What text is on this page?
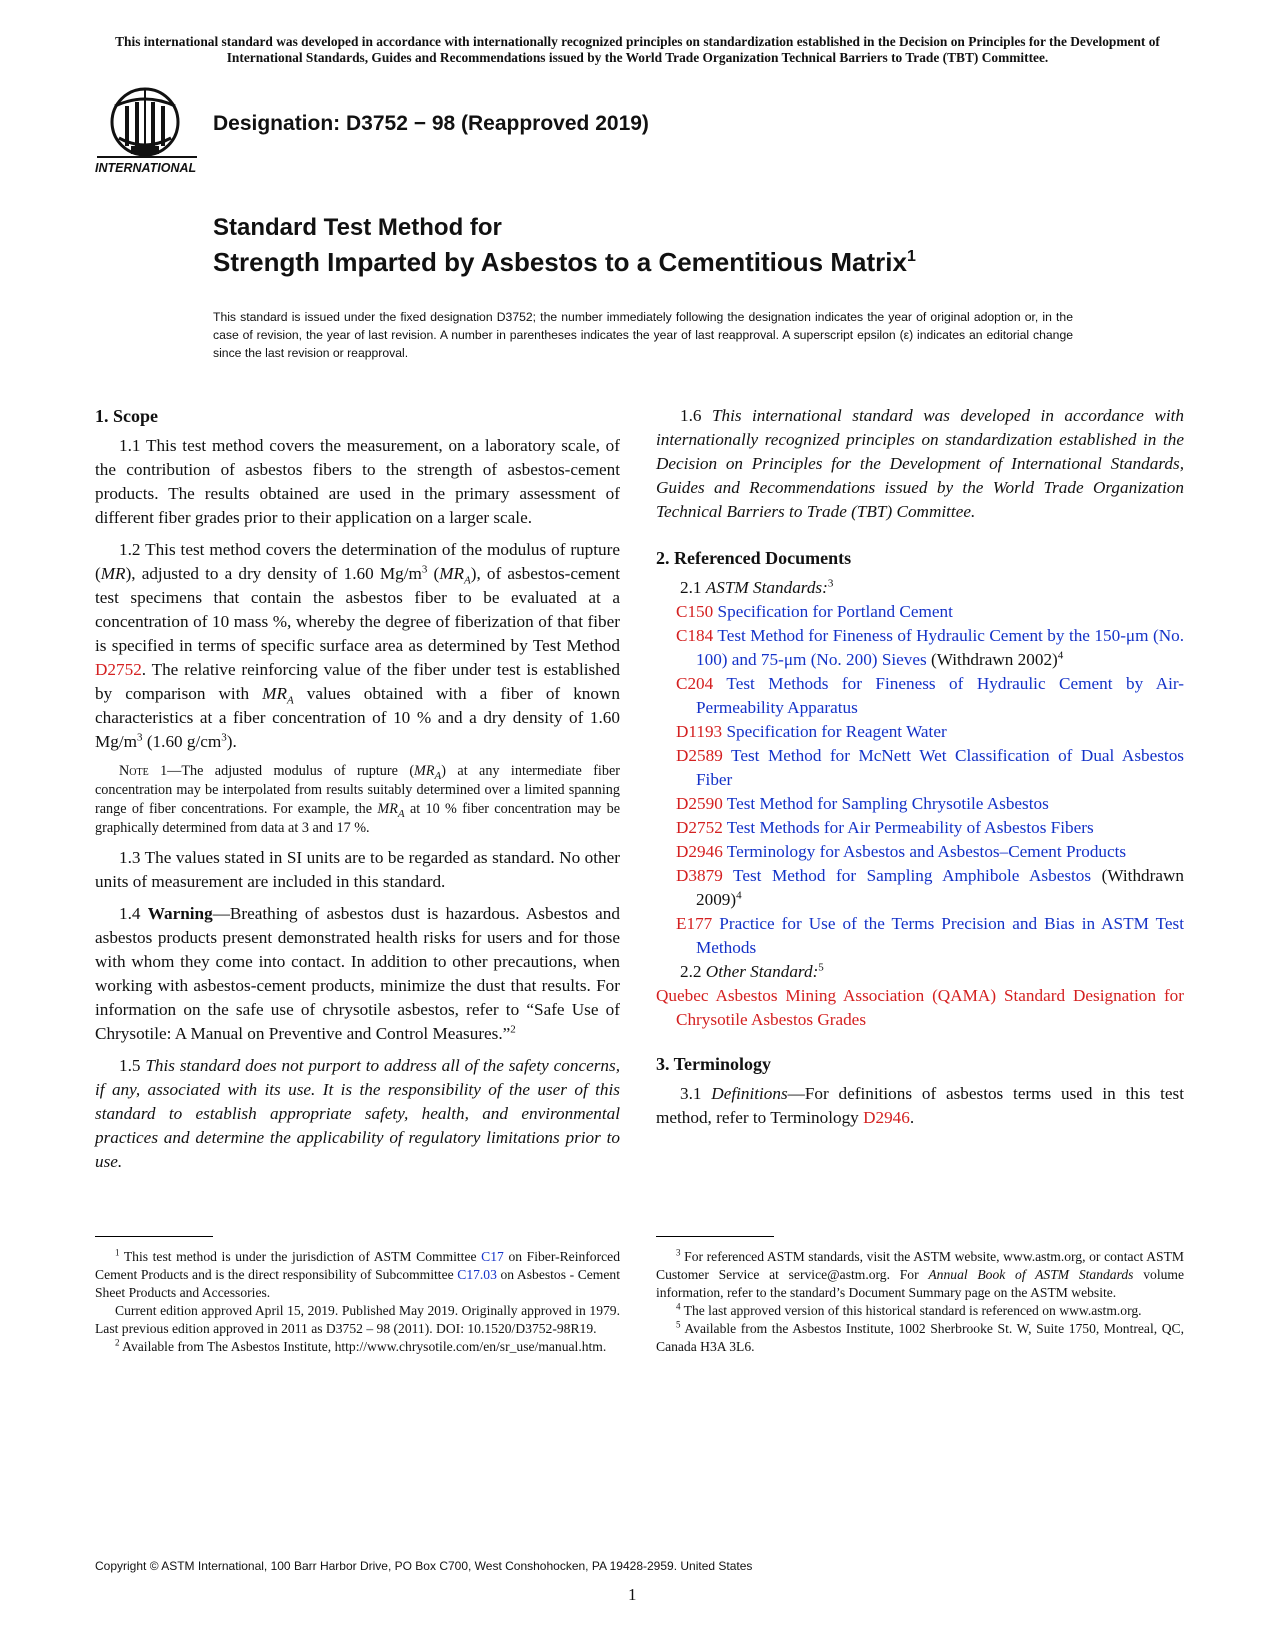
This international standard was developed in accordance with internationally recognized principles on standardization established in the Decision on Principles for the Development of International Standards, Guides and Recommendations issued by the World Trade Organization Technical Barriers to Trade (TBT) Committee.
INTERNATIONAL
Designation: D3752 − 98 (Reapproved 2019)
Standard Test Method for
Strength Imparted by Asbestos to a Cementitious Matrix$^1$
This standard is issued under the fixed designation D3752; the number immediately following the designation indicates the year of original adoption or, in the case of revision, the year of last revision. A number in parentheses indicates the year of last reapproval. A superscript epsilon (ε) indicates an editorial change since the last revision or reapproval.
1. Scope

1.1 This test method covers the measurement, on a laboratory scale, of the contribution of asbestos fibers to the strength of asbestos-cement products. The results obtained are used in the primary assessment of different fiber grades prior to their application on a larger scale.

1.2 This test method covers the determination of the modulus of rupture (MR), adjusted to a dry density of 1.60 $Mg/m^3$ $(MR_A)$, of asbestos-cement test specimens that contain the asbestos fiber to be evaluated at a concentration of 10 mass %, whereby the degree of fiberization of that fiber is specified in terms of specific surface area as determined by Test Method D2752. The relative reinforcing value of the fiber under test is established by comparison with $MR_A$ values obtained with a fiber of known characteristics at a fiber concentration of 10 % and a dry density of 1.60 $Mg/m^3$ (1.60 $g/cm^3$).

Note 1—The adjusted modulus of rupture $(MR_A)$ at any intermediate fiber concentration may be interpolated from results suitably determined over a limited spanning range of fiber concentrations. For example, the $MR_A$ at 10 % fiber concentration may be graphically determined from data at 3 and 17 %.

1.3 The values stated in SI units are to be regarded as standard. No other units of measurement are included in this standard.

1.4 Warning—Breathing of asbestos dust is hazardous. Asbestos and asbestos products present demonstrated health risks for users and for those with whom they come into contact. In addition to other precautions, when working with asbestos-cement products, minimize the dust that results. For information on the safe use of chrysotile asbestos, refer to “Safe Use of Chrysotile: A Manual on Preventive and Control Measures.”$^2$

1.5 This standard does not purport to address all of the safety concerns, if any, associated with its use. It is the responsibility of the user of this standard to establish appropriate safety, health, and environmental practices and determine the applicability of regulatory limitations prior to use.

1.6 This international standard was developed in accordance with internationally recognized principles on standardization established in the Decision on Principles for the Development of International Standards, Guides and Recommendations issued by the World Trade Organization Technical Barriers to Trade (TBT) Committee.

2. Referenced Documents

2.1 ASTM Standards:$^3$

C150 Specification for Portland Cement
C184 Test Method for Fineness of Hydraulic Cement by the 150-μm (No. 100) and 75-μm (No. 200) Sieves (Withdrawn 2002)$^4$
C204 Test Methods for Fineness of Hydraulic Cement by Air-Permeability Apparatus
D1193 Specification for Reagent Water
D2589 Test Method for McNett Wet Classification of Dual Asbestos Fiber
D2590 Test Method for Sampling Chrysotile Asbestos
D2752 Test Methods for Air Permeability of Asbestos Fibers
D2946 Terminology for Asbestos and Asbestos–Cement Products
D3879 Test Method for Sampling Amphibole Asbestos (Withdrawn 2009)$^4$
E177 Practice for Use of the Terms Precision and Bias in ASTM Test Methods

2.2 Other Standard:$^5$

Quebec Asbestos Mining Association (QAMA) Standard Designation for Chrysotile Asbestos Grades
3. Terminology

3.1 Definitions—For definitions of asbestos terms used in this test method, refer to Terminology D2946.

$^1$ This test method is under the jurisdiction of ASTM Committee C17 on Fiber-Reinforced Cement Products and is the direct responsibility of Subcommittee C17.03 on Asbestos - Cement Sheet Products and Accessories.

Current edition approved April 15, 2019. Published May 2019. Originally approved in 1979. Last previous edition approved in 2011 as D3752 – 98 (2011). DOI: 10.1520/D3752-98R19.

$^2$ Available from The Asbestos Institute, http://www.chrysotile.com/en/sr_use/manual.htm.

$^3$ For referenced ASTM standards, visit the ASTM website, www.astm.org, or contact ASTM Customer Service at service@astm.org. For Annual Book of ASTM Standards volume information, refer to the standard’s Document Summary page on the ASTM website.

$^4$ The last approved version of this historical standard is referenced on www.astm.org.

$^5$ Available from the Asbestos Institute, 1002 Sherbrooke St. W, Suite 1750, Montreal, QC, Canada H3A 3L6.

Copyright © ASTM International, 100 Barr Harbor Drive, PO Box C700, West Conshohocken, PA 19428-2959. United States
1
